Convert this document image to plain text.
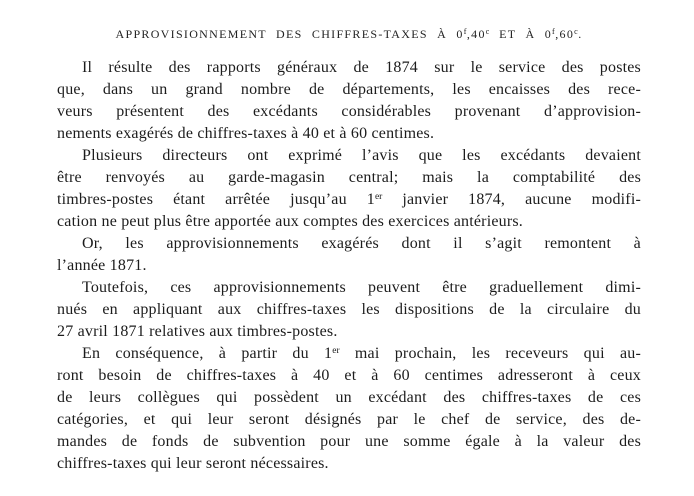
APPROVISIONNEMENT DES CHIFFRES-TAXES À 0$^f$,40$^c$ ET À 0$^f$,60$^c$.

Il résulte des rapports généraux de 1874 sur le service des postes
que, dans un grand nombre de départements, les encaisses des rece-
veurs présentent des excédants considérables provenant d’approvision-
nements exagérés de chiffres-taxes à 40 et à 60 centimes.

Plusieurs directeurs ont exprimé l’avis que les excédants devaient
être renvoyés au garde-magasin central; mais la comptabilité des
timbres-postes étant arrêtée jusqu’au 1er janvier 1874, aucune modifi-
cation ne peut plus être apportée aux comptes des exercices antérieurs.

Or, les approvisionnements exagérés dont il s’agit remontent à
l’année 1871.

Toutefois, ces approvisionnements peuvent être graduellement dimi-
nués en appliquant aux chiffres-taxes les dispositions de la circulaire du
27 avril 1871 relatives aux timbres-postes.

En conséquence, à partir du 1er mai prochain, les receveurs qui au-
ront besoin de chiffres-taxes à 40 et à 60 centimes adresseront à ceux
de leurs collègues qui possèdent un excédant des chiffres-taxes de ces
catégories, et qui leur seront désignés par le chef de service, des de-
mandes de fonds de subvention pour une somme égale à la valeur des
chiffres-taxes qui leur seront nécessaires.
